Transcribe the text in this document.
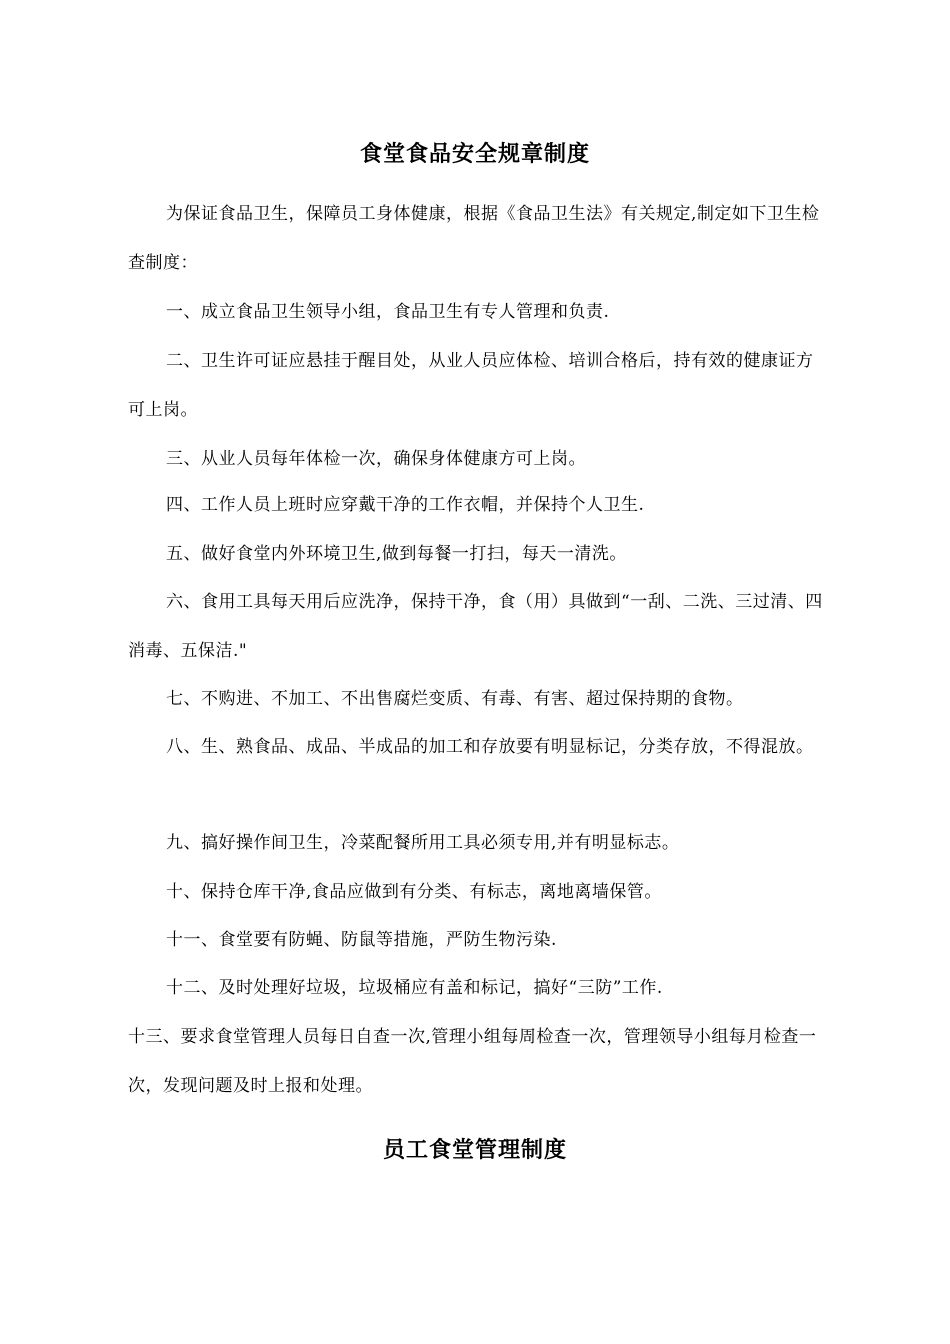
食堂食品安全规章制度
为保证食品卫生，保障员工身体健康，根据《食品卫生法》有关规定,制定如下卫生检查制度：
一、成立食品卫生领导小组，食品卫生有专人管理和负责.
二、卫生许可证应悬挂于醒目处，从业人员应体检、培训合格后，持有效的健康证方可上岗。
三、从业人员每年体检一次，确保身体健康方可上岗。
四、工作人员上班时应穿戴干净的工作衣帽，并保持个人卫生.
五、做好食堂内外环境卫生,做到每餐一打扫，每天一清洗。
六、食用工具每天用后应洗净，保持干净，食（用）具做到“一刮、二洗、三过清、四消毒、五保洁."
七、不购进、不加工、不出售腐烂变质、有毒、有害、超过保持期的食物。
八、生、熟食品、成品、半成品的加工和存放要有明显标记，分类存放，不得混放。
九、搞好操作间卫生，冷菜配餐所用工具必须专用,并有明显标志。
十、保持仓库干净,食品应做到有分类、有标志，离地离墙保管。
十一、食堂要有防蝇、防鼠等措施，严防生物污染.
十二、及时处理好垃圾，垃圾桶应有盖和标记，搞好“三防”工作.
十三、要求食堂管理人员每日自查一次,管理小组每周检查一次，管理领导小组每月检查一次，发现问题及时上报和处理。
员工食堂管理制度
